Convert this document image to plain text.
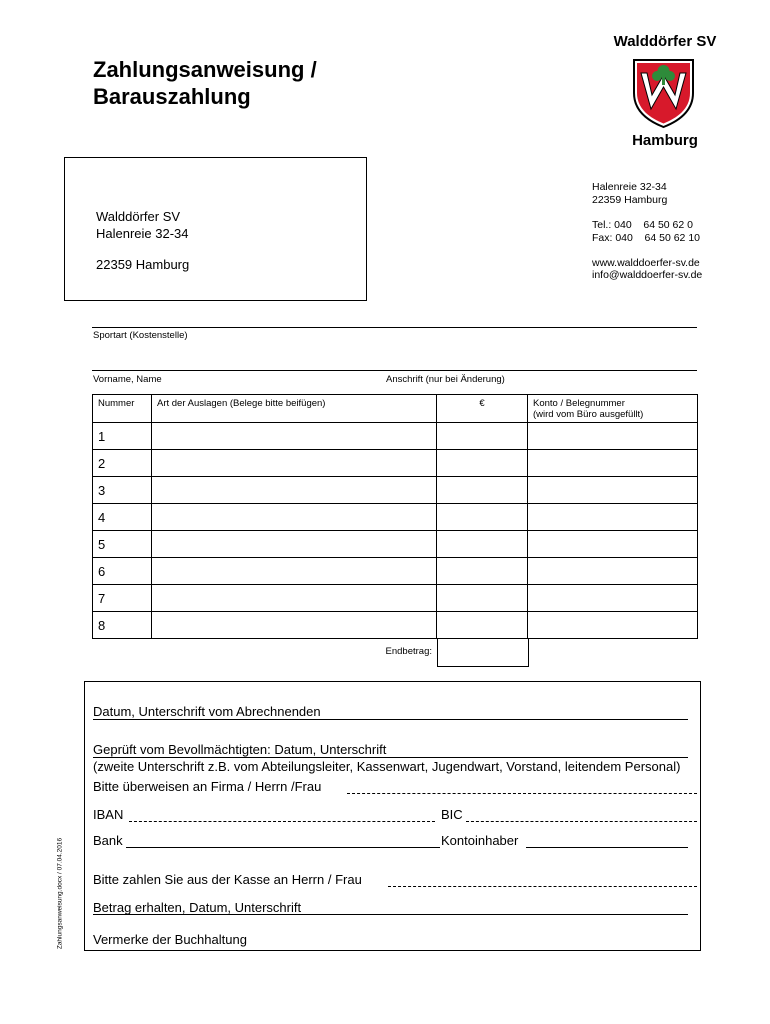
Zahlungsanweisung /
Barauszahlung
Walddörfer SV
Hamburg
Walddörfer SV
Halenreie 32-34
22359 Hamburg
Halenreie 32-34
22359 Hamburg
Tel.: 040    64 50 62 0
Fax: 040    64 50 62 10
www.walddoerfer-sv.de
info@walddoerfer-sv.de
Sportart (Kostenstelle)
Vorname, Name	Anschrift (nur bei Änderung)
Nummer	Art der Auslagen (Belege bitte beifügen)	€	Konto / Belegnummer
(wird vom Büro ausgefüllt)

1			
2			
3			
4			
5			
6			
7			
8			
Endbetrag:
Datum, Unterschrift vom Abrechnenden
Geprüft vom Bevollmächtigten: Datum, Unterschrift
(zweite Unterschrift z.B. vom Abteilungsleiter, Kassenwart, Jugendwart, Vorstand, leitendem Personal)
Bitte überweisen an Firma / Herrn /Frau
IBAN	BIC
Bank	Kontoinhaber
Bitte zahlen Sie aus der Kasse an Herrn / Frau
Betrag erhalten, Datum, Unterschrift
Vermerke der Buchhaltung
Zahlungsanweisung.docx / 07.04.2016
